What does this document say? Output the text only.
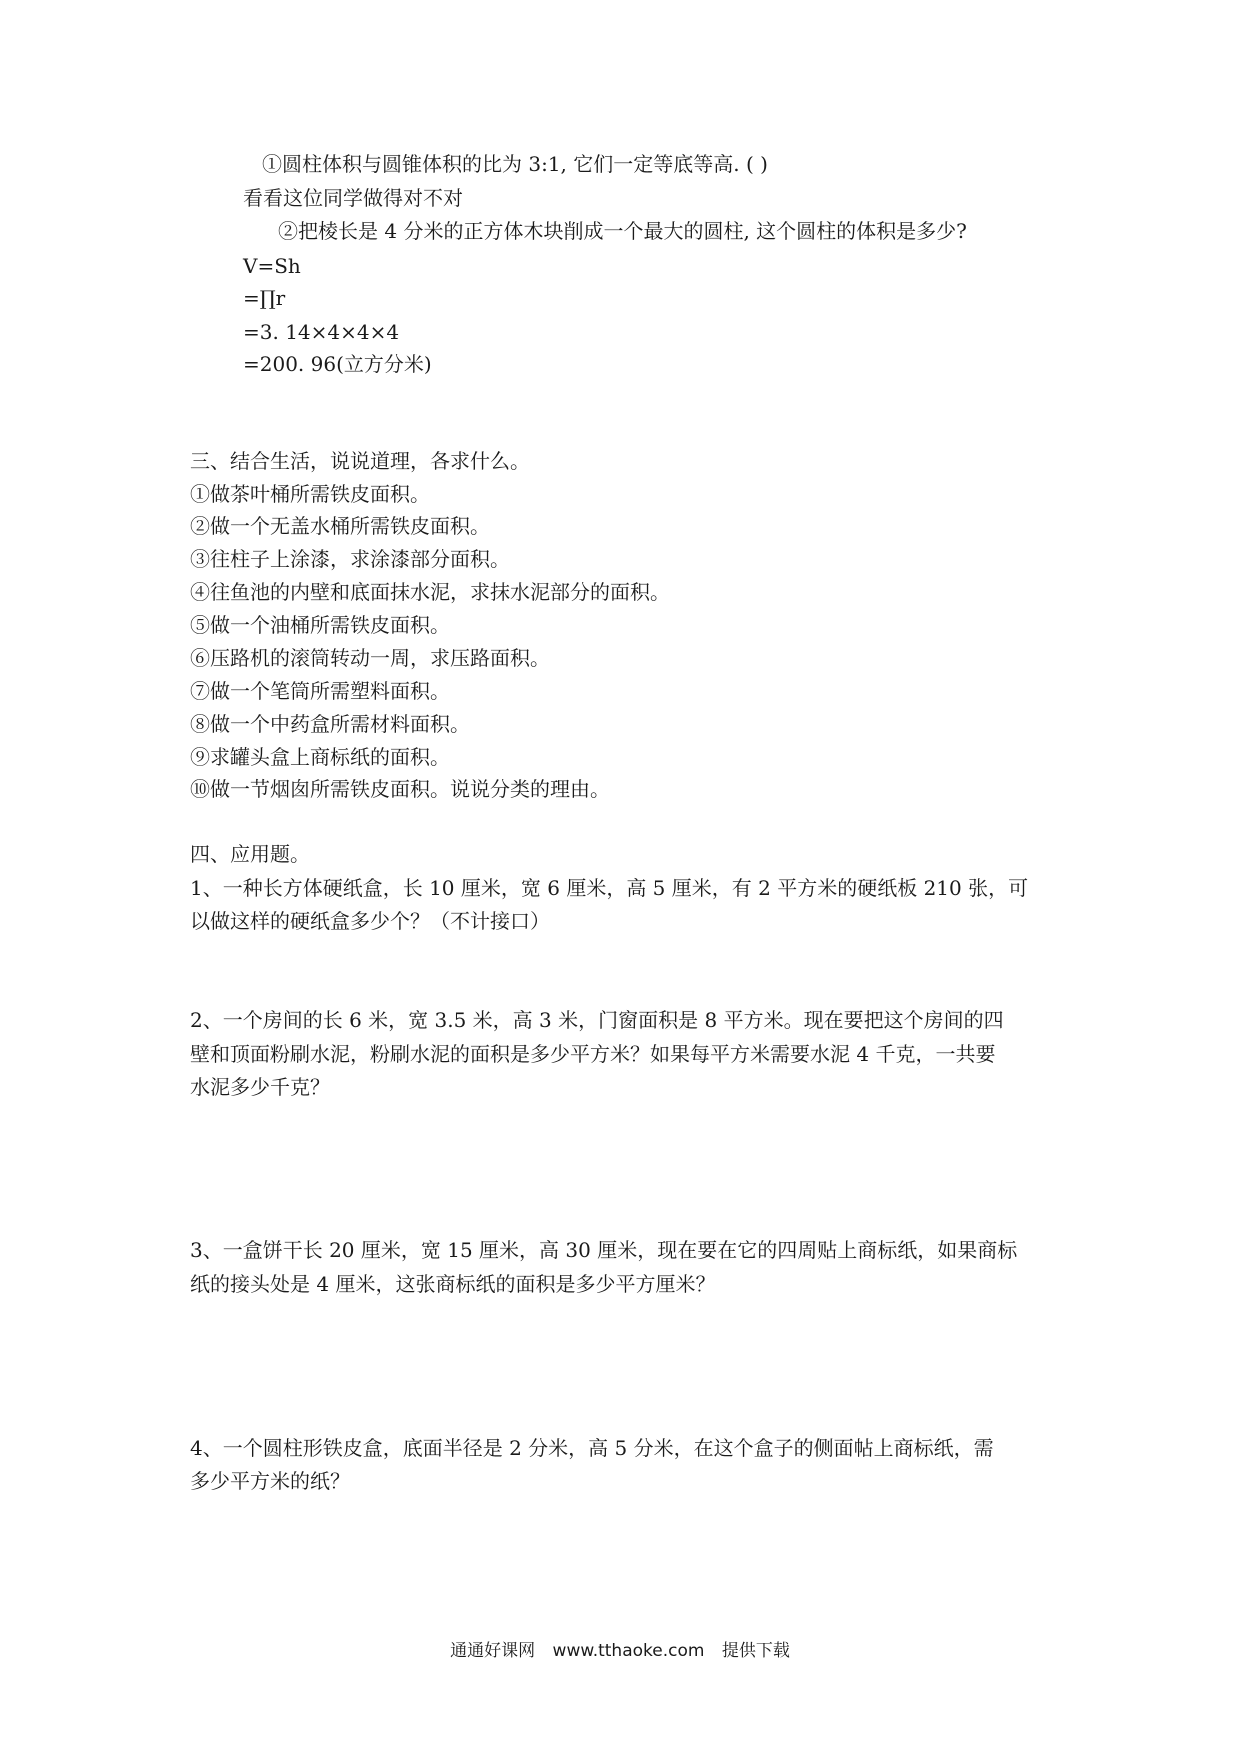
①圆柱体积与圆锥体积的比为 3:1, 它们一定等底等高. ( )
看看这位同学做得对不对
②把棱长是 4 分米的正方体木块削成一个最大的圆柱, 这个圆柱的体积是多少?
V=Sh
=∏r
=3. 14×4×4×4
=200. 96(立方分米)
三、结合生活，说说道理，各求什么。
①做茶叶桶所需铁皮面积。
②做一个无盖水桶所需铁皮面积。
③往柱子上涂漆，求涂漆部分面积。
④往鱼池的内壁和底面抹水泥，求抹水泥部分的面积。
⑤做一个油桶所需铁皮面积。
⑥压路机的滚筒转动一周，求压路面积。
⑦做一个笔筒所需塑料面积。
⑧做一个中药盒所需材料面积。
⑨求罐头盒上商标纸的面积。
⑩做一节烟囱所需铁皮面积。说说分类的理由。
四、应用题。
1、一种长方体硬纸盒，长 10 厘米，宽 6 厘米，高 5 厘米，有 2 平方米的硬纸板 210 张，可
以做这样的硬纸盒多少个？（不计接口）
2、一个房间的长 6 米，宽 3.5 米，高 3 米，门窗面积是 8 平方米。现在要把这个房间的四
壁和顶面粉刷水泥，粉刷水泥的面积是多少平方米？如果每平方米需要水泥 4 千克，一共要
水泥多少千克？
3、一盒饼干长 20 厘米，宽 15 厘米，高 30 厘米，现在要在它的四周贴上商标纸，如果商标
纸的接头处是 4 厘米，这张商标纸的面积是多少平方厘米？
4、一个圆柱形铁皮盒，底面半径是 2 分米，高 5 分米，在这个盒子的侧面帖上商标纸，需
多少平方米的纸？
通通好课网 www.tthaoke.com 提供下载
